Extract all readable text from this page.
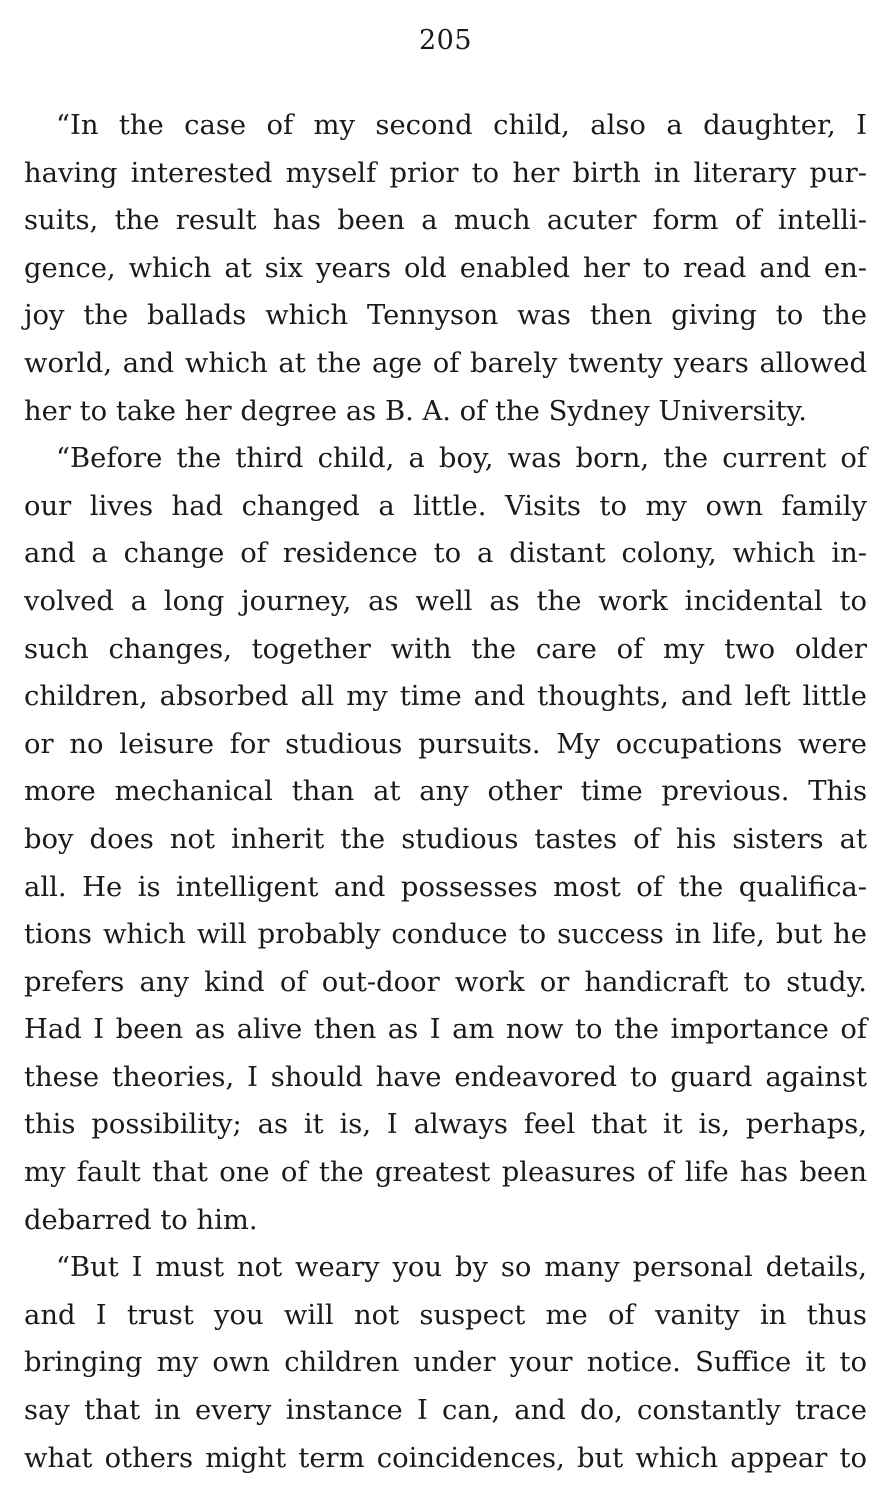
205
“In the case of my second child, also a daughter, I
having interested myself prior to her birth in literary pur-
suits, the result has been a much acuter form of intelli-
gence, which at six years old enabled her to read and en-
joy the ballads which Tennyson was then giving to the
world, and which at the age of barely twenty years allowed
her to take her degree as B. A. of the Sydney University.
“Before the third child, a boy, was born, the current of
our lives had changed a little. Visits to my own family
and a change of residence to a distant colony, which in-
volved a long journey, as well as the work incidental to
such changes, together with the care of my two older
children, absorbed all my time and thoughts, and left little
or no leisure for studious pursuits. My occupations were
more mechanical than at any other time previous. This
boy does not inherit the studious tastes of his sisters at
all. He is intelligent and possesses most of the qualifica-
tions which will probably conduce to success in life, but he
prefers any kind of out-door work or handicraft to study.
Had I been as alive then as I am now to the importance of
these theories, I should have endeavored to guard against
this possibility; as it is, I always feel that it is, perhaps,
my fault that one of the greatest pleasures of life has been
debarred to him.
“But I must not weary you by so many personal details,
and I trust you will not suspect me of vanity in thus
bringing my own children under your notice. Suffice it to
say that in every instance I can, and do, constantly trace
what others might term coincidences, but which appear to
